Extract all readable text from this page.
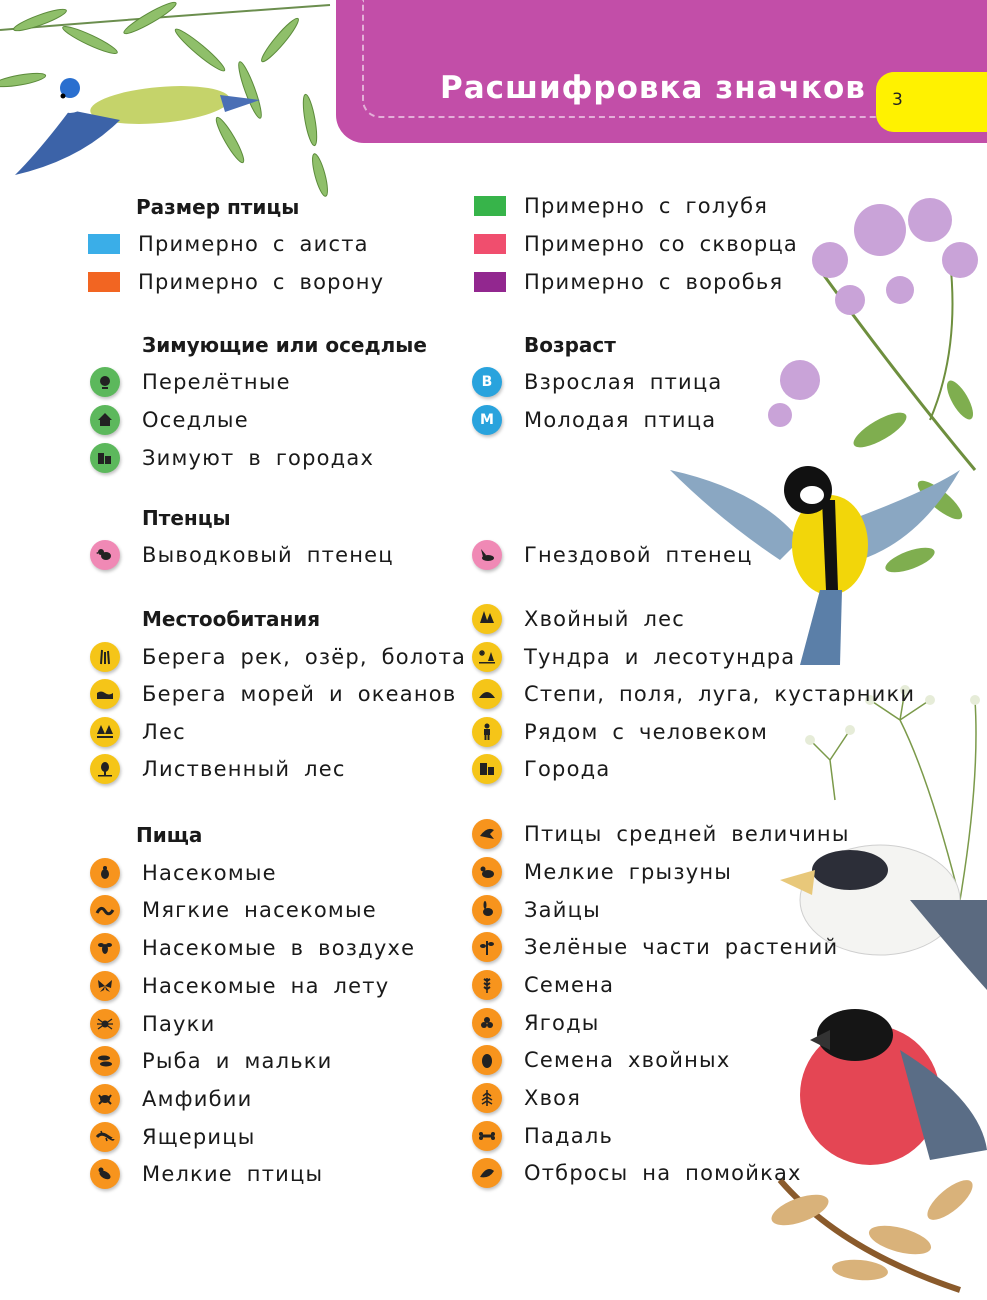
Расшифровка значков 3
Размер птицы
Примерно с аиста
Примерно с ворону
Примерно с голубя
Примерно со скворца
Примерно с воробья
Зимующие или оседлые
Перелётные
Оседлые
Зимуют в городах
Возраст
В Взрослая птица
М Молодая птица
Птенцы
Выводковый птенец	Гнездовой птенец
Местообитания
Берега рек, озёр, болота
Берега морей и океанов
Лес
Лиственный лес
Хвойный лес
Тундра и лесотундра
Степи, поля, луга, кустарники
Рядом с человеком
Города
Пища
Насекомые
Мягкие насекомые
Насекомые в воздухе
Насекомые на лету
Пауки
Рыба и мальки
Амфибии
Ящерицы
Мелкие птицы
Птицы средней величины
Мелкие грызуны
Зайцы
Зелёные части растений
Семена
Ягоды
Семена хвойных
Хвоя
Падаль
Отбросы на помойках
